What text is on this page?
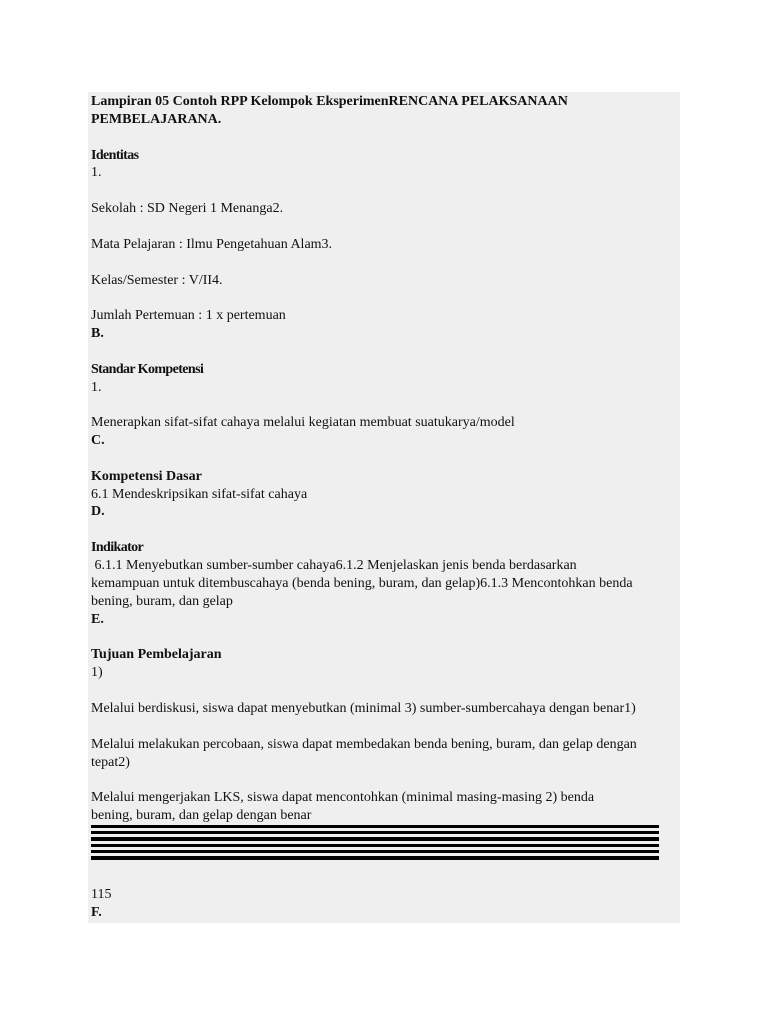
Lampiran 05 Contoh RPP Kelompok EksperimenRENCANA PELAKSANAAN
PEMBELAJARANA.
Identitas
1.
Sekolah : SD Negeri 1 Menanga2.
Mata Pelajaran : Ilmu Pengetahuan Alam3.
Kelas/Semester : V/II4.
Jumlah Pertemuan : 1 x pertemuan
B.
Standar Kompetensi
1.
Menerapkan sifat-sifat cahaya melalui kegiatan membuat suatukarya/model
C.
Kompetensi Dasar
6.1 Mendeskripsikan sifat-sifat cahaya
D.
Indikator
6.1.1 Menyebutkan sumber-sumber cahaya6.1.2 Menjelaskan jenis benda berdasarkan
kemampuan untuk ditembuscahaya (benda bening, buram, dan gelap)6.1.3 Mencontohkan benda
bening, buram, dan gelap
E.
Tujuan Pembelajaran
1)
Melalui berdiskusi, siswa dapat menyebutkan (minimal 3) sumber-sumbercahaya dengan benar1)
Melalui melakukan percobaan, siswa dapat membedakan benda bening, buram, dan gelap dengan
tepat2)
Melalui mengerjakan LKS, siswa dapat mencontohkan (minimal masing-masing 2) benda
bening, buram, dan gelap dengan benar
115
F.
